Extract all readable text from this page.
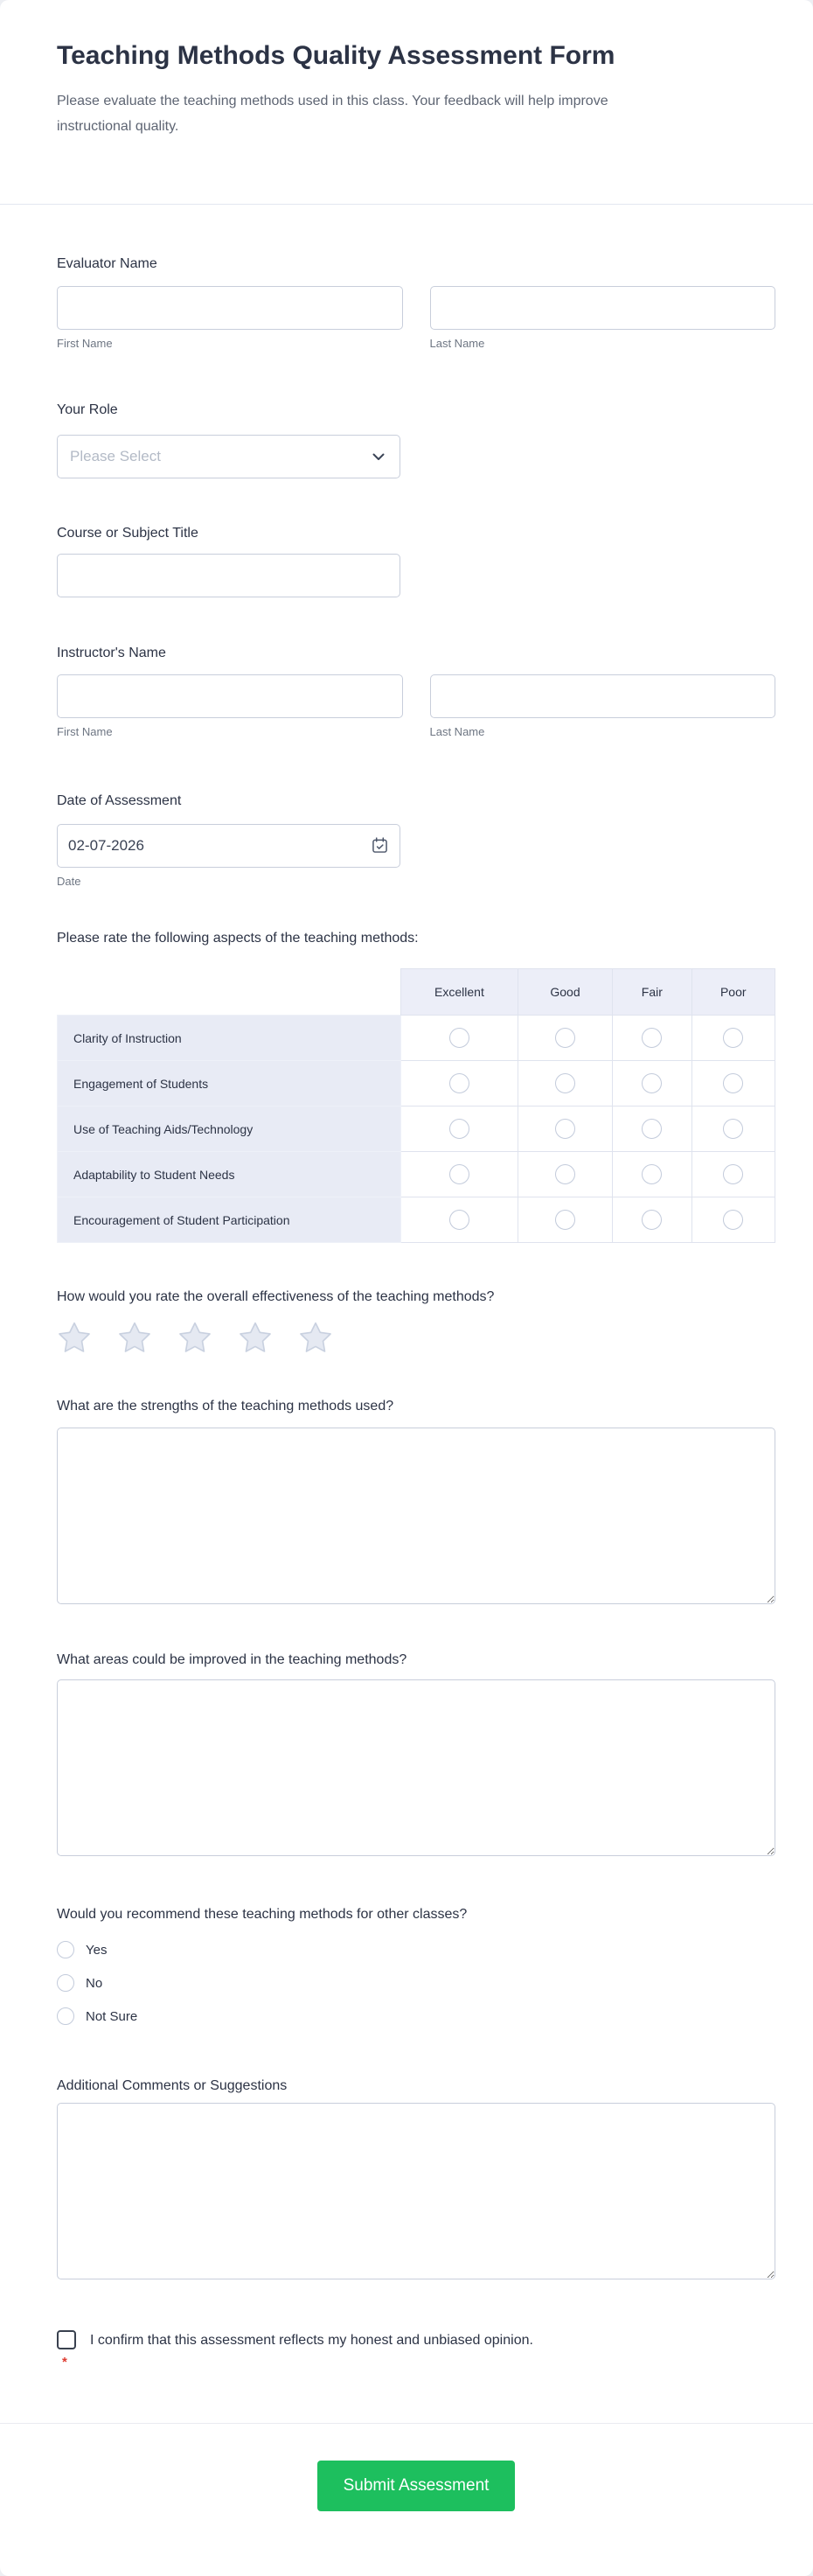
Teaching Methods Quality Assessment Form

Please evaluate the teaching methods used in this class. Your feedback will help improve instructional quality.

Evaluator Name
First Name	Last Name
Your Role
Please Select
Course or Subject Title
Instructor's Name
First Name	Last Name
Date of Assessment
02-07-2026
Date
Please rate the following aspects of the teaching methods:
	Excellent	Good	Fair	Poor
Clarity of Instruction				
Engagement of Students				
Use of Teaching Aids/Technology				
Adaptability to Student Needs				
Encouragement of Student Participation				
How would you rate the overall effectiveness of the teaching methods?
What are the strengths of the teaching methods used?
What areas could be improved in the teaching methods?
Would you recommend these teaching methods for other classes?
Yes
No
Not Sure
Additional Comments or Suggestions
I confirm that this assessment reflects my honest and unbiased opinion.
*
Submit Assessment
